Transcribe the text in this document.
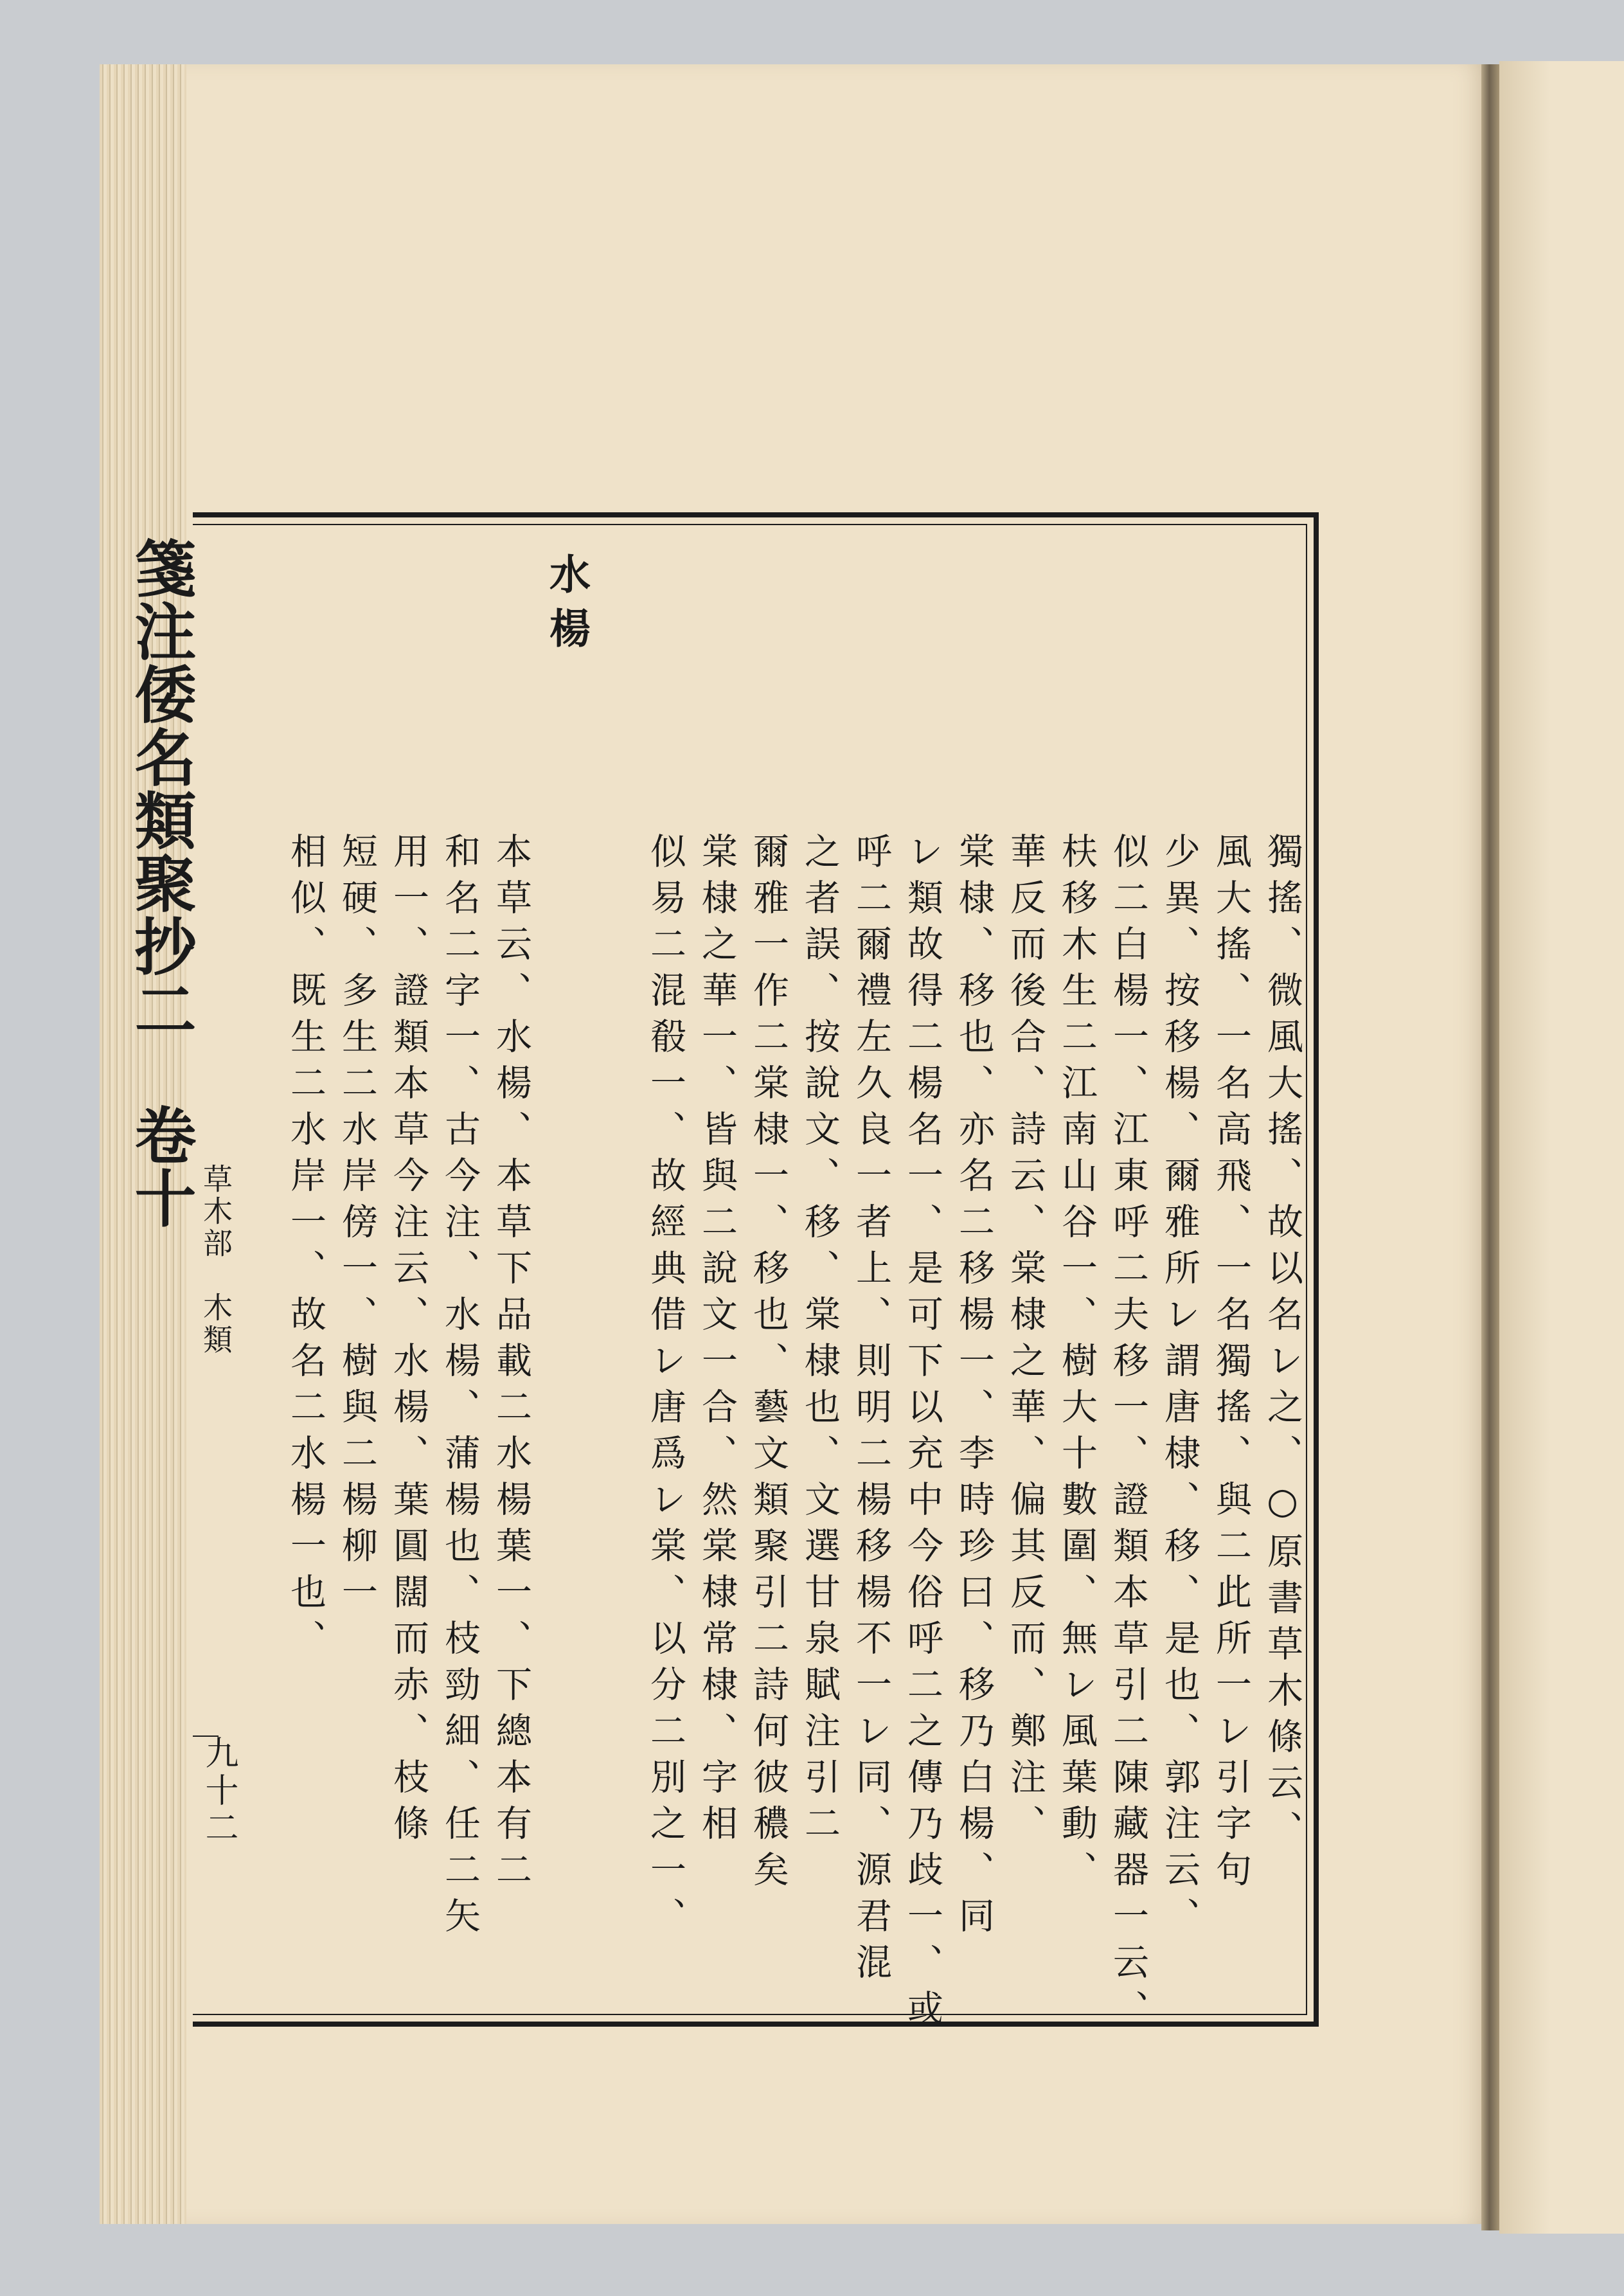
箋注倭名類聚抄二　卷十
草木部　木類
九十二	獨搖、微風大搖、故以名レ之、○原書草木條云、
風大搖、一名高飛、一名獨搖、與二此所一レ引字句
少異、按移楊、爾雅所レ謂唐棣、移、是也、郭注云、
似二白楊一、江東呼二夫移一、證類本草引二陳藏器一云、
枎移木生二江南山谷一、樹大十數圍、無レ風葉動、
華反而後合、詩云、棠棣之華、偏其反而、鄭注、
棠棣、移也、亦名二移楊一、李時珍曰、移乃白楊、同
レ類故得二楊名一、是可下以充中今俗呼二之傳乃歧一、或
呼二爾禮左久良一者上、則明二楊移楊不一レ同、源君混
之者誤、按說文、移、棠棣也、文選甘泉賦注引二
爾雅一作二棠棣一、移也、藝文類聚引二詩何彼穠矣
棠棣之華一、皆與二說文一合、然棠棣常棣、字相
似易二混殽一、故經典借レ唐爲レ棠、以分二別之一、
水楊
本草云、水楊、本草下品載二水楊葉一、下總本有二
和名二字一、古今注、水楊、蒲楊也、枝勁細、任二矢
用一、證類本草今注云、水楊、葉圓闊而赤、枝條
短硬、多生二水岸傍一、樹與二楊柳一
相似、既生二水岸一、故名二水楊一也、
